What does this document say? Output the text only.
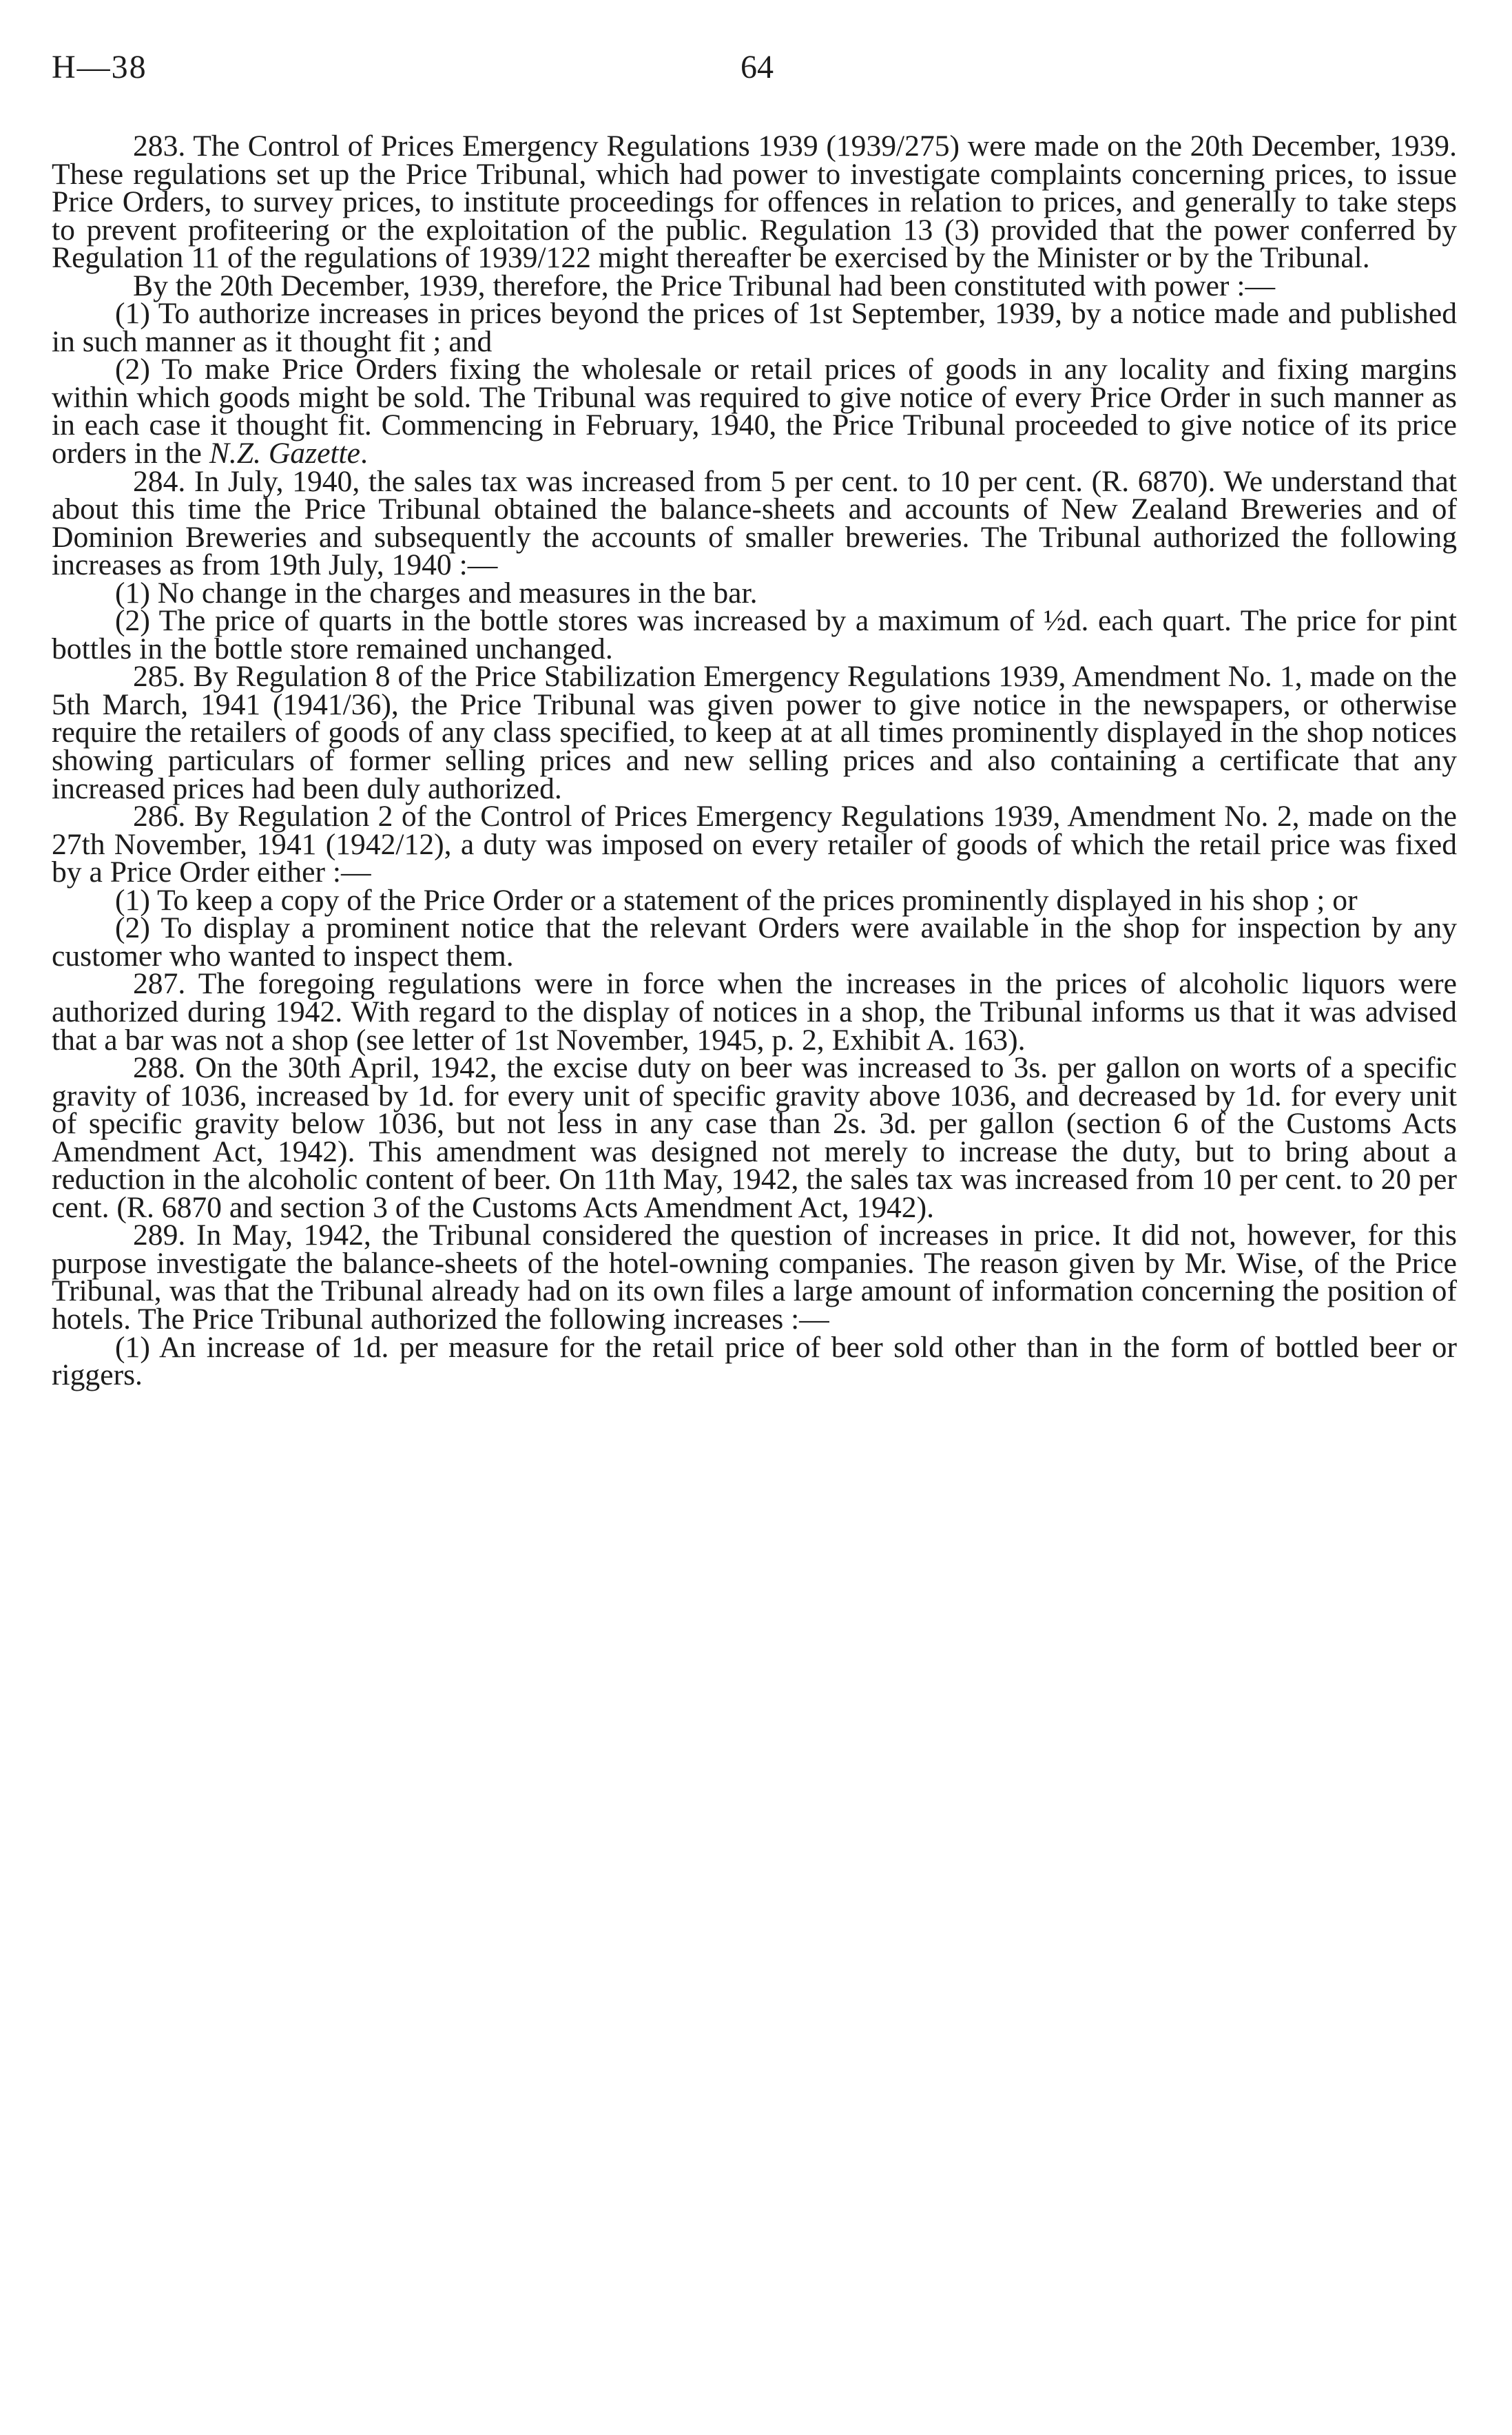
H—38	64

283. The Control of Prices Emergency Regulations 1939 (1939/275) were made on the 20th December, 1939. These regulations set up the Price Tribunal, which had power to investigate complaints concerning prices, to issue Price Orders, to survey prices, to institute proceedings for offences in relation to prices, and generally to take steps to prevent profiteering or the exploitation of the public. Regulation 13 (3) provided that the power conferred by Regulation 11 of the regulations of 1939/122 might thereafter be exercised by the Minister or by the Tribunal.

By the 20th December, 1939, therefore, the Price Tribunal had been constituted with power :—

(1) To authorize increases in prices beyond the prices of 1st September, 1939, by a notice made and published in such manner as it thought fit ; and

(2) To make Price Orders fixing the wholesale or retail prices of goods in any locality and fixing margins within which goods might be sold. The Tribunal was required to give notice of every Price Order in such manner as in each case it thought fit. Commencing in February, 1940, the Price Tribunal proceeded to give notice of its price orders in the N.Z. Gazette.

284. In July, 1940, the sales tax was increased from 5 per cent. to 10 per cent. (R. 6870). We understand that about this time the Price Tribunal obtained the balance-sheets and accounts of New Zealand Breweries and of Dominion Breweries and subsequently the accounts of smaller breweries. The Tribunal authorized the following increases as from 19th July, 1940 :—

(1) No change in the charges and measures in the bar.

(2) The price of quarts in the bottle stores was increased by a maximum of ½d. each quart. The price for pint bottles in the bottle store remained unchanged.

285. By Regulation 8 of the Price Stabilization Emergency Regulations 1939, Amendment No. 1, made on the 5th March, 1941 (1941/36), the Price Tribunal was given power to give notice in the newspapers, or otherwise require the retailers of goods of any class specified, to keep at at all times prominently displayed in the shop notices showing particulars of former selling prices and new selling prices and also containing a certificate that any increased prices had been duly authorized.

286. By Regulation 2 of the Control of Prices Emergency Regulations 1939, Amendment No. 2, made on the 27th November, 1941 (1942/12), a duty was imposed on every retailer of goods of which the retail price was fixed by a Price Order either :—

(1) To keep a copy of the Price Order or a statement of the prices prominently displayed in his shop ; or

(2) To display a prominent notice that the relevant Orders were available in the shop for inspection by any customer who wanted to inspect them.

287. The foregoing regulations were in force when the increases in the prices of alcoholic liquors were authorized during 1942. With regard to the display of notices in a shop, the Tribunal informs us that it was advised that a bar was not a shop (see letter of 1st November, 1945, p. 2, Exhibit A. 163).

288. On the 30th April, 1942, the excise duty on beer was increased to 3s. per gallon on worts of a specific gravity of 1036, increased by 1d. for every unit of specific gravity above 1036, and decreased by 1d. for every unit of specific gravity below 1036, but not less in any case than 2s. 3d. per gallon (section 6 of the Customs Acts Amendment Act, 1942). This amendment was designed not merely to increase the duty, but to bring about a reduction in the alcoholic content of beer. On 11th May, 1942, the sales tax was increased from 10 per cent. to 20 per cent. (R. 6870 and section 3 of the Customs Acts Amendment Act, 1942).

289. In May, 1942, the Tribunal considered the question of increases in price. It did not, however, for this purpose investigate the balance-sheets of the hotel-owning companies. The reason given by Mr. Wise, of the Price Tribunal, was that the Tribunal already had on its own files a large amount of information concerning the position of hotels. The Price Tribunal authorized the following increases :—

(1) An increase of 1d. per measure for the retail price of beer sold other than in the form of bottled beer or riggers.
